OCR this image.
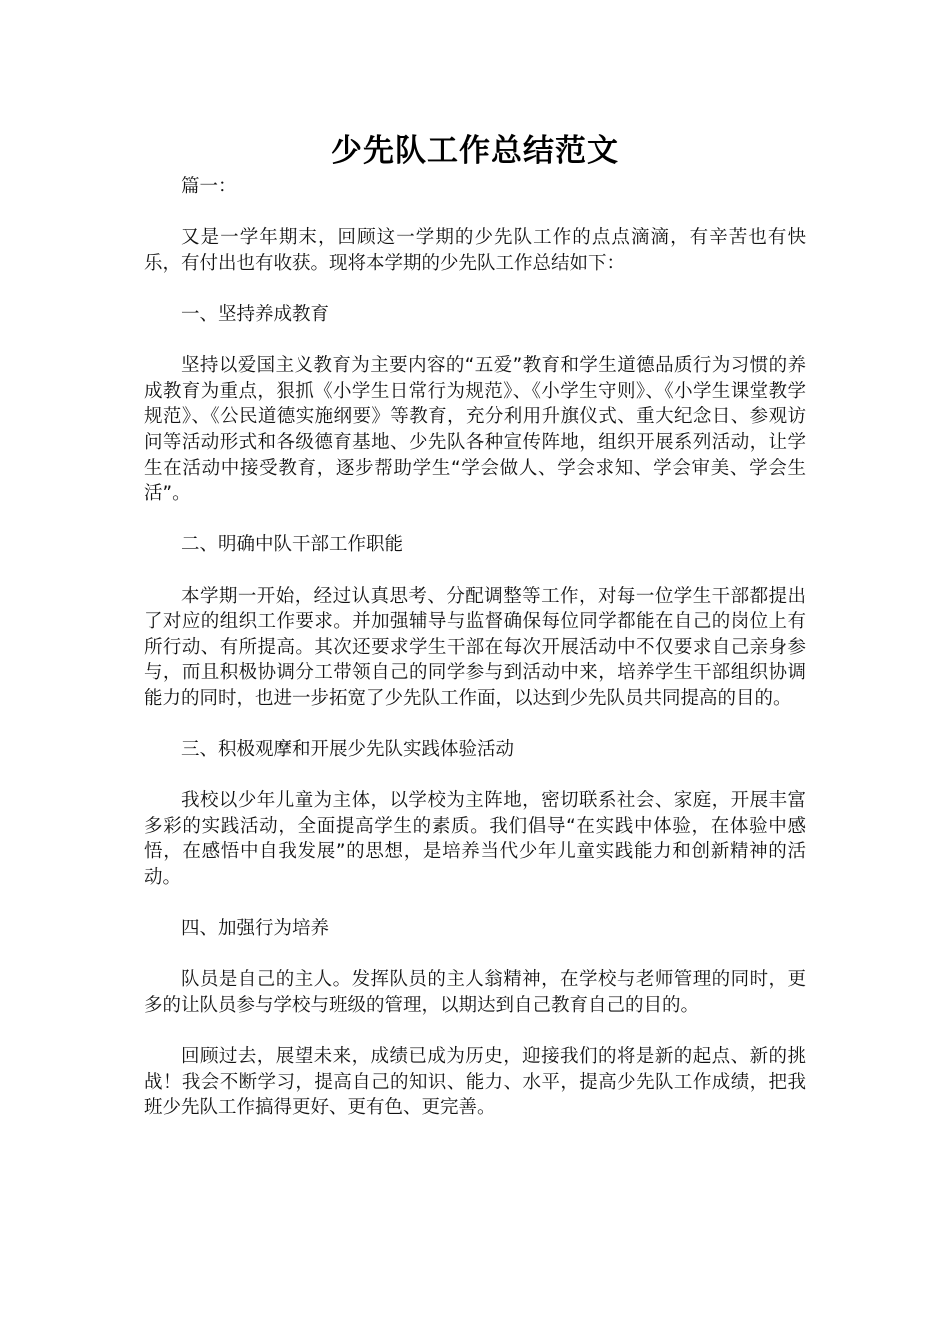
少先队工作总结范文

篇一：

又是一学年期末，回顾这一学期的少先队工作的点点滴滴，有辛苦也有快乐，有付出也有收获。现将本学期的少先队工作总结如下：

一、坚持养成教育

坚持以爱国主义教育为主要内容的“五爱”教育和学生道德品质行为习惯的养成教育为重点，狠抓《小学生日常行为规范》、《小学生守则》、《小学生课堂教学规范》、《公民道德实施纲要》等教育，充分利用升旗仪式、重大纪念日、参观访问等活动形式和各级德育基地、少先队各种宣传阵地，组织开展系列活动，让学生在活动中接受教育，逐步帮助学生“学会做人、学会求知、学会审美、学会生活”。

二、明确中队干部工作职能

本学期一开始，经过认真思考、分配调整等工作，对每一位学生干部都提出了对应的组织工作要求。并加强辅导与监督确保每位同学都能在自己的岗位上有所行动、有所提高。其次还要求学生干部在每次开展活动中不仅要求自己亲身参与，而且积极协调分工带领自己的同学参与到活动中来，培养学生干部组织协调能力的同时，也进一步拓宽了少先队工作面，以达到少先队员共同提高的目的。

三、积极观摩和开展少先队实践体验活动

我校以少年儿童为主体，以学校为主阵地，密切联系社会、家庭，开展丰富多彩的实践活动，全面提高学生的素质。我们倡导“在实践中体验，在体验中感悟，在感悟中自我发展”的思想，是培养当代少年儿童实践能力和创新精神的活动。

四、加强行为培养

队员是自己的主人。发挥队员的主人翁精神，在学校与老师管理的同时，更多的让队员参与学校与班级的管理，以期达到自己教育自己的目的。

回顾过去，展望未来，成绩已成为历史，迎接我们的将是新的起点、新的挑战！我会不断学习，提高自己的知识、能力、水平，提高少先队工作成绩，把我班少先队工作搞得更好、更有色、更完善。
